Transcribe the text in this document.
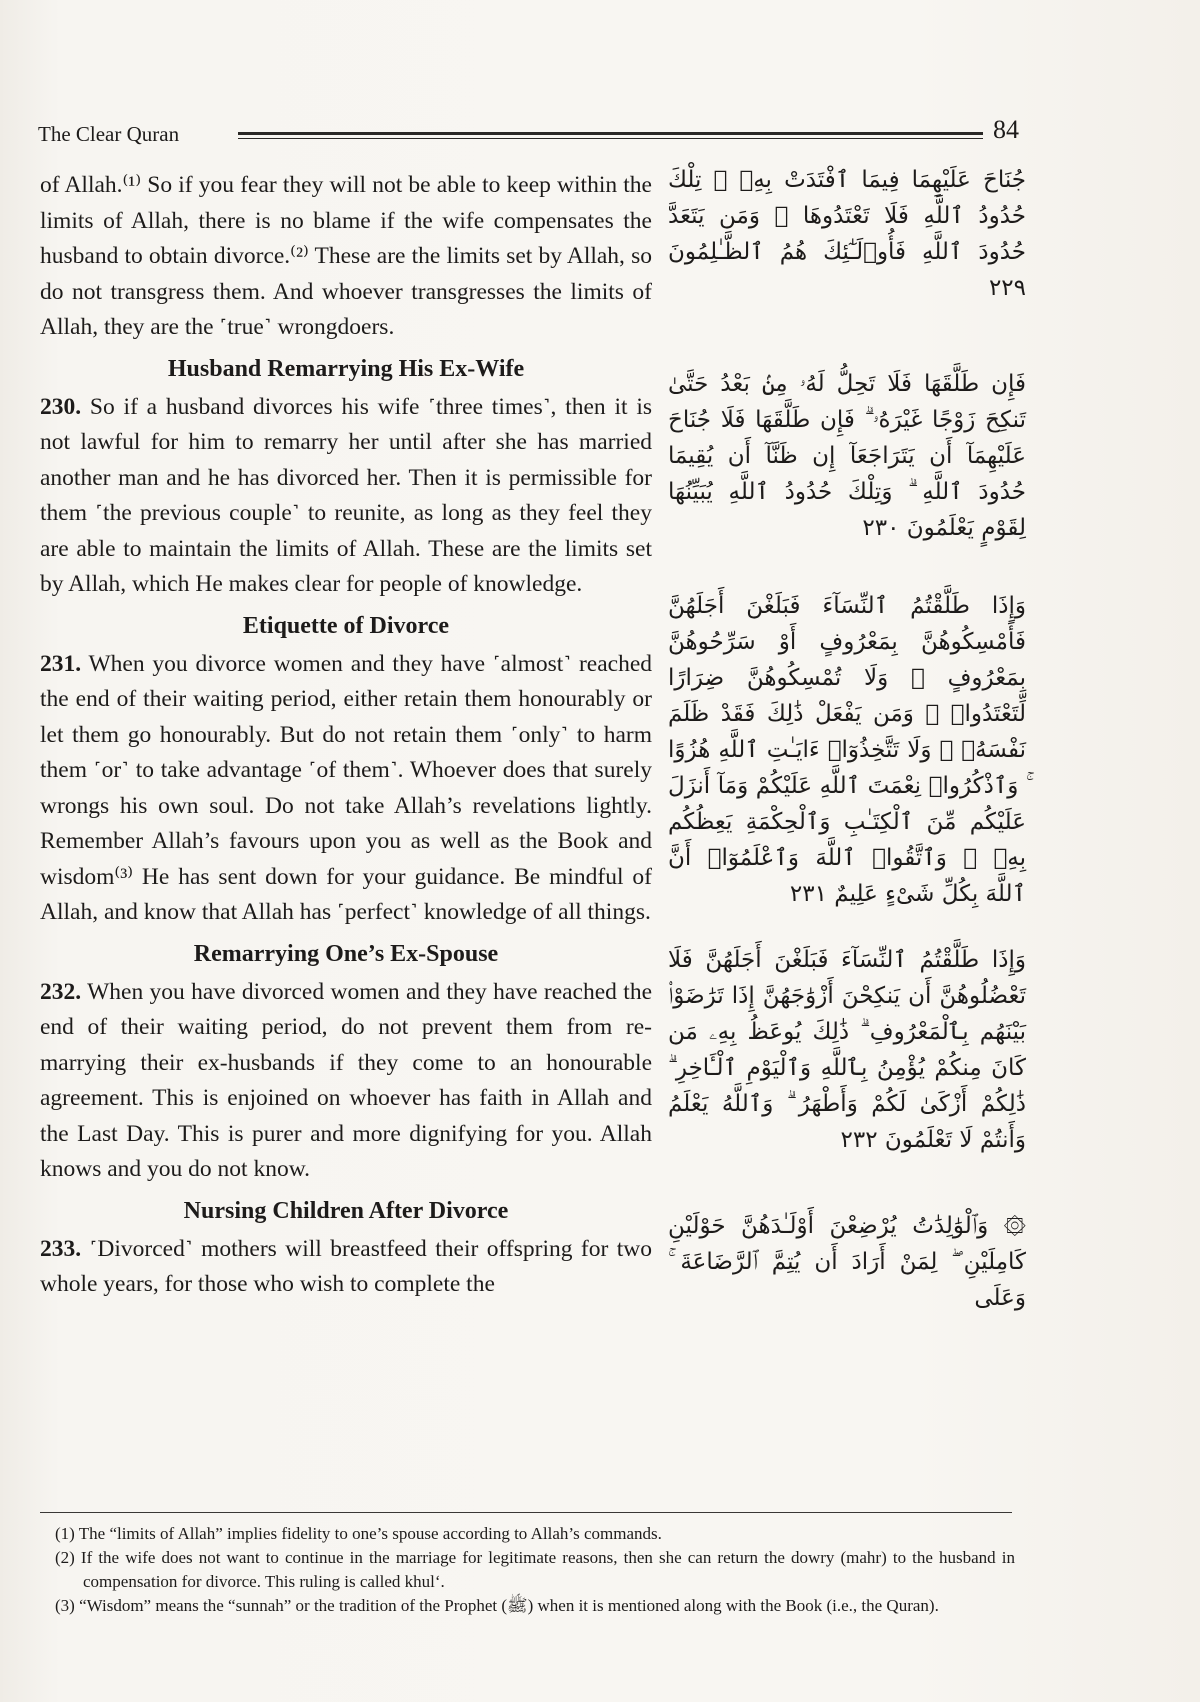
The Clear Quran	84

of Allah.⁽¹⁾ So if you fear they will not be able to keep within the limits of Allah, there is no blame if the wife compensates the husband to obtain divorce.⁽²⁾ These are the limits set by Allah, so do not transgress them. And whoever transgresses the limits of Allah, they are the ˹true˺ wrongdoers.

Husband Remarrying His Ex-Wife

230. So if a husband divorces his wife ˹three times˺, then it is not lawful for him to remarry her until after she has married another man and he has divorced her. Then it is permissible for them ˹the previous couple˺ to reunite, as long as they feel they are able to maintain the limits of Allah. These are the limits set by Allah, which He makes clear for people of knowledge.

Etiquette of Divorce

231. When you divorce women and they have ˹almost˺ reached the end of their waiting period, either retain them honourably or let them go honourably. But do not retain them ˹only˺ to harm them ˹or˺ to take advantage ˹of them˺. Whoever does that surely wrongs his own soul. Do not take Allah’s revelations lightly. Remember Allah’s favours upon you as well as the Book and wisdom⁽³⁾ He has sent down for your guidance. Be mindful of Allah, and know that Allah has ˹perfect˺ knowledge of all things.

Remarrying One’s Ex-Spouse

232. When you have divorced women and they have reached the end of their waiting period, do not prevent them from re-marrying their ex-husbands if they come to an honourable agreement. This is enjoined on whoever has faith in Allah and the Last Day. This is purer and more dignifying for you. Allah knows and you do not know.

Nursing Children After Divorce

233. ˹Divorced˺ mothers will breastfeed their offspring for two whole years, for those who wish to complete the

جُنَاحَ عَلَيْهِمَا فِيمَا ٱفْتَدَتْ بِهِۦ ۗ تِلْكَ حُدُودُ ٱللَّهِ فَلَا تَعْتَدُوهَا ۚ وَمَن يَتَعَدَّ حُدُودَ ٱللَّهِ فَأُو۟لَـٰٓئِكَ هُمُ ٱلظَّـٰلِمُونَ ٢٢٩

فَإِن طَلَّقَهَا فَلَا تَحِلُّ لَهُۥ مِنۢ بَعْدُ حَتَّىٰ تَنكِحَ زَوْجًا غَيْرَهُۥ ۗ فَإِن طَلَّقَهَا فَلَا جُنَاحَ عَلَيْهِمَآ أَن يَتَرَاجَعَآ إِن ظَنَّآ أَن يُقِيمَا حُدُودَ ٱللَّهِ ۗ وَتِلْكَ حُدُودُ ٱللَّهِ يُبَيِّنُهَا لِقَوْمٍ يَعْلَمُونَ ٢٣٠

وَإِذَا طَلَّقْتُمُ ٱلنِّسَآءَ فَبَلَغْنَ أَجَلَهُنَّ فَأَمْسِكُوهُنَّ بِمَعْرُوفٍ أَوْ سَرِّحُوهُنَّ بِمَعْرُوفٍ ۚ وَلَا تُمْسِكُوهُنَّ ضِرَارًا لِّتَعْتَدُوا۟ ۚ وَمَن يَفْعَلْ ذَٰلِكَ فَقَدْ ظَلَمَ نَفْسَهُۥ ۚ وَلَا تَتَّخِذُوٓا۟ ءَايَـٰتِ ٱللَّهِ هُزُوًا ۚ وَٱذْكُرُوا۟ نِعْمَتَ ٱللَّهِ عَلَيْكُمْ وَمَآ أَنزَلَ عَلَيْكُم مِّنَ ٱلْكِتَـٰبِ وَٱلْحِكْمَةِ يَعِظُكُم بِهِۦ ۚ وَٱتَّقُوا۟ ٱللَّهَ وَٱعْلَمُوٓا۟ أَنَّ ٱللَّهَ بِكُلِّ شَىْءٍ عَلِيمٌ ٢٣١

وَإِذَا طَلَّقْتُمُ ٱلنِّسَآءَ فَبَلَغْنَ أَجَلَهُنَّ فَلَا تَعْضُلُوهُنَّ أَن يَنكِحْنَ أَزْوَٰجَهُنَّ إِذَا تَرَٰضَوْا۟ بَيْنَهُم بِٱلْمَعْرُوفِ ۗ ذَٰلِكَ يُوعَظُ بِهِۦ مَن كَانَ مِنكُمْ يُؤْمِنُ بِٱللَّهِ وَٱلْيَوْمِ ٱلْـَٔاخِرِ ۗ ذَٰلِكُمْ أَزْكَىٰ لَكُمْ وَأَطْهَرُ ۗ وَٱللَّهُ يَعْلَمُ وَأَنتُمْ لَا تَعْلَمُونَ ٢٣٢

۞ وَٱلْوَٰلِدَٰتُ يُرْضِعْنَ أَوْلَـٰدَهُنَّ حَوْلَيْنِ كَامِلَيْنِ ۖ لِمَنْ أَرَادَ أَن يُتِمَّ ٱلرَّضَاعَةَ ۚ وَعَلَى

(1) The “limits of Allah” implies fidelity to one’s spouse according to Allah’s commands.

(2) If the wife does not want to continue in the marriage for legitimate reasons, then she can return the dowry (mahr) to the husband in compensation for divorce. This ruling is called khul‘.

(3) “Wisdom” means the “sunnah” or the tradition of the Prophet (ﷺ) when it is mentioned along with the Book (i.e., the Quran).
